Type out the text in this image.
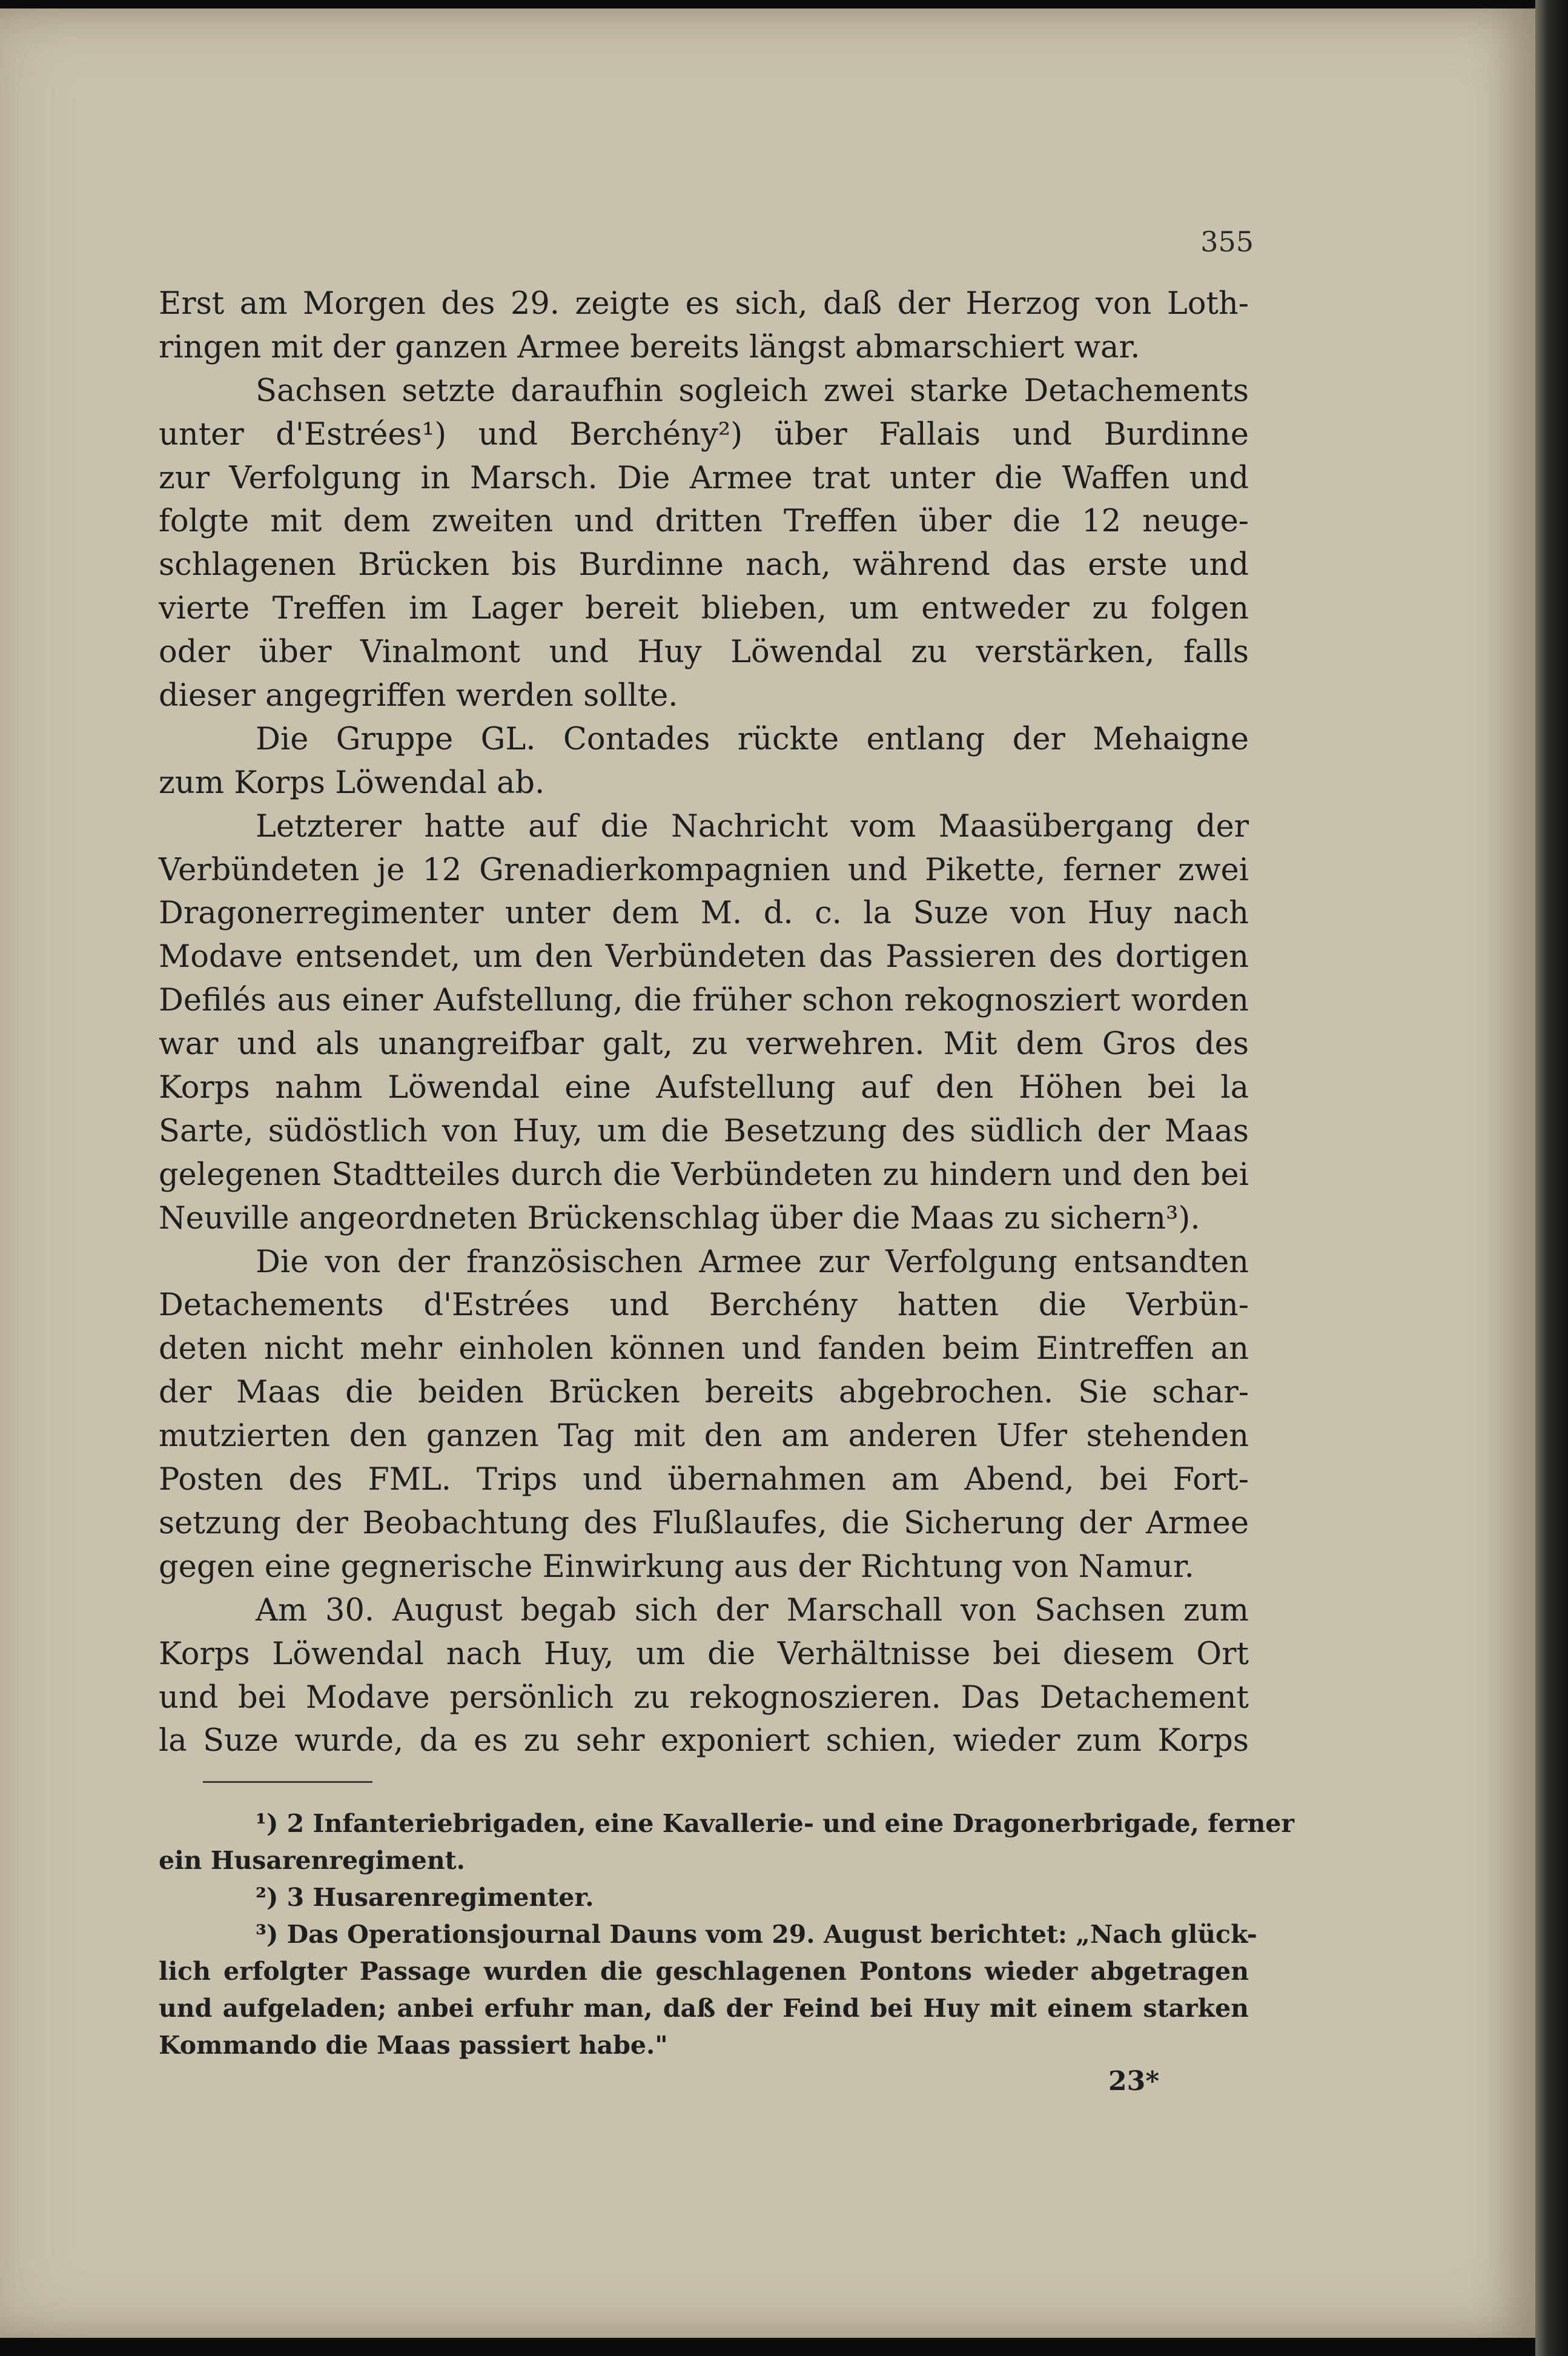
355
Erst am Morgen des 29. zeigte es sich, daß der Herzog von Loth-
ringen mit der ganzen Armee bereits längst abmarschiert war.
Sachsen setzte daraufhin sogleich zwei starke Detachements
unter d'Estrées¹) und Berchény²) über Fallais und Burdinne
zur Verfolgung in Marsch. Die Armee trat unter die Waffen und
folgte mit dem zweiten und dritten Treffen über die 12 neuge-
schlagenen Brücken bis Burdinne nach, während das erste und
vierte Treffen im Lager bereit blieben, um entweder zu folgen
oder über Vinalmont und Huy Löwendal zu verstärken, falls
dieser angegriffen werden sollte.
Die Gruppe GL. Contades rückte entlang der Mehaigne
zum Korps Löwendal ab.
Letzterer hatte auf die Nachricht vom Maasübergang der
Verbündeten je 12 Grenadierkompagnien und Pikette, ferner zwei
Dragonerregimenter unter dem M. d. c. la Suze von Huy nach
Modave entsendet, um den Verbündeten das Passieren des dortigen
Defilés aus einer Aufstellung, die früher schon rekognosziert worden
war und als unangreifbar galt, zu verwehren. Mit dem Gros des
Korps nahm Löwendal eine Aufstellung auf den Höhen bei la
Sarte, südöstlich von Huy, um die Besetzung des südlich der Maas
gelegenen Stadtteiles durch die Verbündeten zu hindern und den bei
Neuville angeordneten Brückenschlag über die Maas zu sichern³).
Die von der französischen Armee zur Verfolgung entsandten
Detachements d'Estrées und Berchény hatten die Verbün-
deten nicht mehr einholen können und fanden beim Eintreffen an
der Maas die beiden Brücken bereits abgebrochen. Sie schar-
mutzierten den ganzen Tag mit den am anderen Ufer stehenden
Posten des FML. Trips und übernahmen am Abend, bei Fort-
setzung der Beobachtung des Flußlaufes, die Sicherung der Armee
gegen eine gegnerische Einwirkung aus der Richtung von Namur.
Am 30. August begab sich der Marschall von Sachsen zum
Korps Löwendal nach Huy, um die Verhältnisse bei diesem Ort
und bei Modave persönlich zu rekognoszieren. Das Detachement
la Suze wurde, da es zu sehr exponiert schien, wieder zum Korps
¹) 2 Infanteriebrigaden, eine Kavallerie- und eine Dragonerbrigade, ferner
ein Husarenregiment.
²) 3 Husarenregimenter.
³) Das Operationsjournal Dauns vom 29. August berichtet: „Nach glück-
lich erfolgter Passage wurden die geschlagenen Pontons wieder abgetragen
und aufgeladen; anbei erfuhr man, daß der Feind bei Huy mit einem starken
Kommando die Maas passiert habe."
23*
